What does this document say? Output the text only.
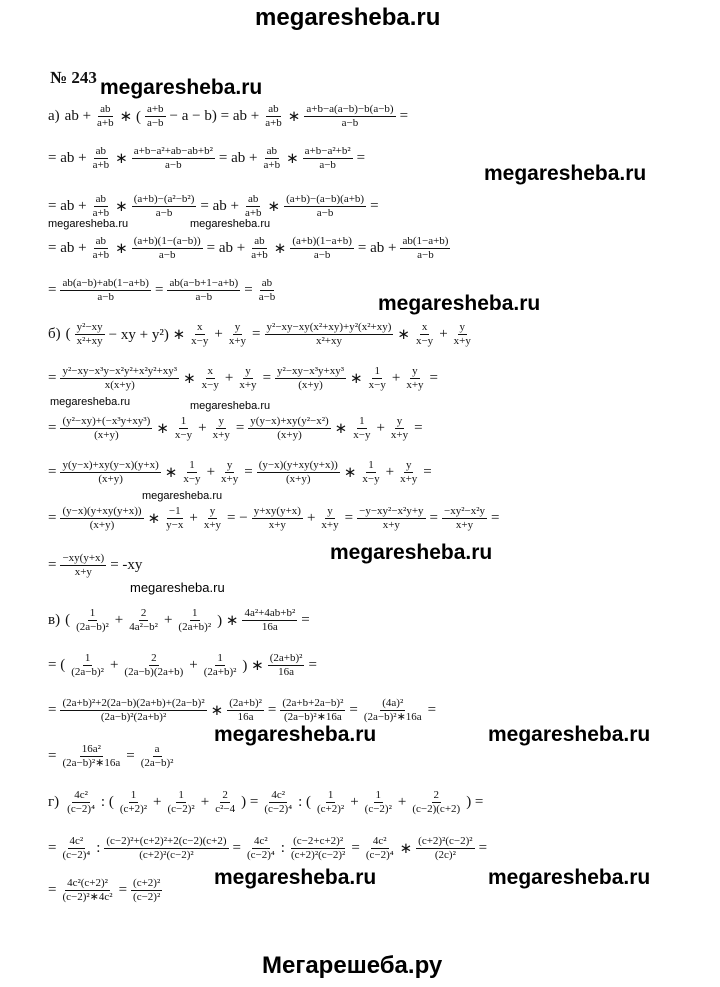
megaresheba.ru
№ 243
а) ab + $\frac{ab}{a+b}$ ∗ ( $\frac{a+b}{a-b} - a - b$) = ab + $\frac{ab}{a+b}$ ∗ $\frac{a+b-a(a-b)-b(a-b)}{a-b}$ =
= ab + $\frac{ab}{a+b}$ ∗ $\frac{\text{a+b−a²+ab−ab+b²}}{a-b}$ = ab + $\frac{ab}{a+b}$ ∗ $\frac{\text{a+b−a²+b²}}{a-b}$ =
= ab + $\frac{ab}{a+b}$ ∗ $\frac{\text{(a+b)−(a²−b²)}}{a-b}$ = ab + $\frac{ab}{a+b}$ ∗ $\frac{(a+b)-(a-b)(a+b)}{a-b}$ =
= ab + $\frac{ab}{a+b}$ ∗ $\frac{(a+b)(1-(a-b))}{a-b}$ = ab + $\frac{ab}{a+b}$ ∗ $\frac{(a+b)(1-a+b)}{a-b}$ = ab + $\frac{ab(1-a+b)}{a-b}$
= $\frac{ab(a-b)+ab(1-a+b)}{a-b} = \frac{ab(a-b+1-a+b)}{a-b} = \frac{ab}{a-b}$
б) ( $\frac{\text{y²−xy}}{\text{x²+xy}}$ − xy + y²) ∗ $\frac{x}{x-y} + \frac{y}{x+y} = \frac{\text{y²−xy−xy(x²+xy)+y²(x²+xy)}}{\text{x²+xy}}$ ∗ $\frac{x}{x-y} + \frac{y}{x+y}$
= $\frac{\text{y²−xy−x³y−x²y²+x²y²+xy³}}{x(x+y)}$ ∗ $\frac{x}{x-y} + \frac{y}{x+y} = \frac{\text{y²−xy−x³y+xy³}}{(x+y)}$ ∗ $\frac{1}{x-y} + \frac{y}{x+y}$ =
= $\frac{\text{(y²−xy)+(−x³y+xy³)}}{(x+y)}$ ∗ $\frac{1}{x-y} + \frac{y}{x+y} = \frac{\text{y(y−x)+xy(y²−x²)}}{(x+y)}$ ∗ $\frac{1}{x-y} + \frac{y}{x+y}$ =
= $\frac{y(y-x)+xy(y-x)(y+x)}{(x+y)}$ ∗ $\frac{1}{x-y} + \frac{y}{x+y} = \frac{(y-x)(y+xy(y+x))}{(x+y)}$ ∗ $\frac{1}{x-y} + \frac{y}{x+y}$ =
= $\frac{(y-x)(y+xy(y+x))}{(x+y)}$ ∗ $\frac{-1}{y-x} + \frac{y}{x+y}$ = − $\frac{y+xy(y+x)}{x+y} + \frac{y}{x+y} = \frac{\text{−y−xy²−x²y+y}}{x+y} = \frac{\text{−xy²−x²y}}{x+y}$ =
= $\frac{-xy(y+x)}{x+y} = -xy$
в) ( $\frac{1}{\text{(2a−b)²}} + \frac{2}{\text{4a²−b²}} + \frac{1}{\text{(2a+b)²}}$ ) ∗ $\frac{\text{4a²+4ab+b²}}{16a}$ =
= ( $\frac{1}{\text{(2a−b)²}} + \frac{2}{(2a-b)(2a+b)} + \frac{1}{\text{(2a+b)²}}$ ) ∗ $\frac{\text{(2a+b)²}}{16a}$ =
= $\frac{\text{(2a+b)²+2(2a−b)(2a+b)+(2a−b)²}}{\text{(2a−b)²(2a+b)²}}$ ∗ $\frac{\text{(2a+b)²}}{16a} = \frac{\text{(2a+b+2a−b)²}}{\text{(2a−b)²∗16a}} = \frac{\text{(4a)²}}{\text{(2a−b)²∗16a}}$ =
= $\frac{\text{16a²}}{\text{(2a−b)²∗16a}} = \frac{a}{\text{(2a−b)²}}$
$г) \frac{\text{4c²}}{\text{(c−2)⁴}}$ : ( $\frac{1}{\text{(c+2)²}} + \frac{1}{\text{(c−2)²}} + \frac{2}{\text{c²−4}}$ ) = $\frac{\text{4c²}}{\text{(c−2)⁴}}$ : ( $\frac{1}{\text{(c+2)²}} + \frac{1}{\text{(c−2)²}} + \frac{2}{(c-2)(c+2)}$ ) =
= $\frac{\text{4c²}}{\text{(c−2)⁴}}$ : $\frac{\text{(c−2)²+(c+2)²+2(c−2)(c+2)}}{\text{(c+2)²(c−2)²}} = \frac{\text{4c²}}{\text{(c−2)⁴}}$ : $\frac{\text{(c−2+c+2)²}}{\text{(c+2)²(c−2)²}} = \frac{\text{4c²}}{\text{(c−2)⁴}}$ ∗ $\frac{\text{(c+2)²(c−2)²}}{\text{(2c)²}}$ =
= $\frac{\text{4c²(c+2)²}}{\text{(c−2)²∗4c²}} = \frac{\text{(c+2)²}}{\text{(c−2)²}}$
megaresheba.ru
megaresheba.ru
megaresheba.ru	megaresheba.ru
megaresheba.ru
megaresheba.ru	megaresheba.ru
megaresheba.ru
megaresheba.ru
megaresheba.ru
megaresheba.ru	megaresheba.ru
megaresheba.ru	megaresheba.ru
Мегарешеба.ру
